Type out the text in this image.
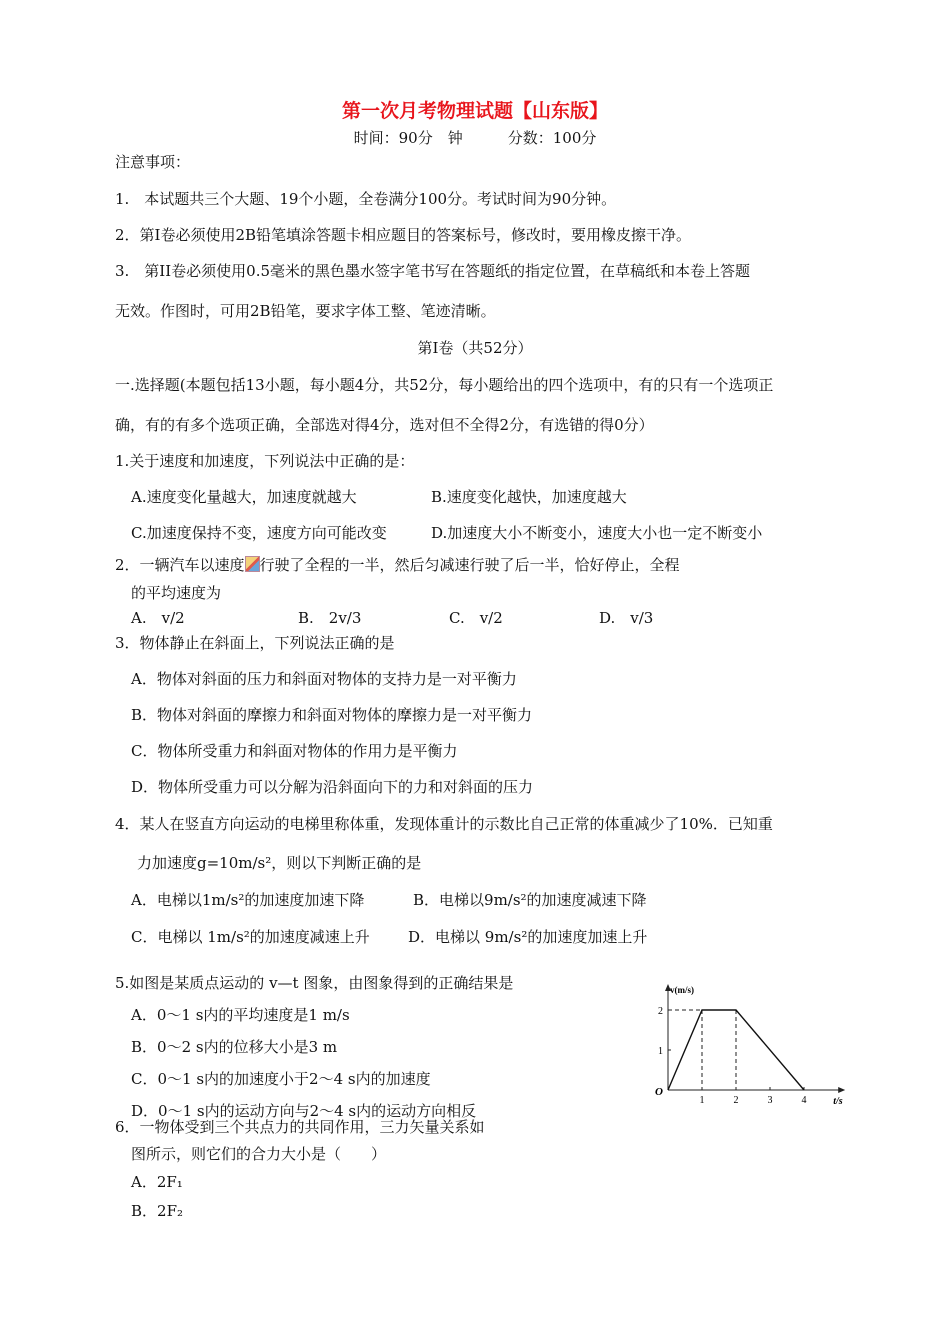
第一次月考物理试题【山东版】
时间：90分　钟　　　分数：100分
注意事项：
1.　本试题共三个大题、19个小题，全卷满分100分。考试时间为90分钟。
2．第Ⅰ卷必须使用2B铅笔填涂答题卡相应题目的答案标号，修改时，要用橡皮擦干净。
3.　第II卷必须使用0.5毫米的黑色墨水签字笔书写在答题纸的指定位置，在草稿纸和本卷上答题
无效。作图时，可用2B铅笔，要求字体工整、笔迹清晰。
第Ⅰ卷（共52分）
一.选择题(本题包括13小题，每小题4分，共52分，每小题给出的四个选项中，有的只有一个选项正
确，有的有多个选项正确，全部选对得4分，选对但不全得2分，有选错的得0分）
1.关于速度和加速度，下列说法中正确的是：
A.速度变化量越大，加速度就越大	B.速度变化越快，加速度越大
C.加速度保持不变，速度方向可能改变	D.加速度大小不断变小，速度大小也一定不断变小
2．一辆汽车以速度 行驶了全程的一半，然后匀减速行驶了后一半，恰好停止，全程
的平均速度为
A.　v/2	B.　2v/3	C.　v/2	D.　v/3
3．物体静止在斜面上，下列说法正确的是
A．物体对斜面的压力和斜面对物体的支持力是一对平衡力
B．物体对斜面的摩擦力和斜面对物体的摩擦力是一对平衡力
C．物体所受重力和斜面对物体的作用力是平衡力
D．物体所受重力可以分解为沿斜面向下的力和对斜面的压力
4．某人在竖直方向运动的电梯里称体重，发现体重计的示数比自己正常的体重减少了10%．已知重
力加速度g=10m/s²，则以下判断正确的是
A．电梯以1m/s²的加速度加速下降	B．电梯以9m/s²的加速度减速下降
C．电梯以 1m/s²的加速度减速上升	D．电梯以 9m/s²的加速度加速上升
5.如图是某质点运动的 v—t 图象，由图象得到的正确结果是
A．0～1 s内的平均速度是1 m/s
B．0～2 s内的位移大小是3 m
C．0～1 s内的加速度小于2～4 s内的加速度
D．0～1 s内的运动方向与2～4 s内的运动方向相反
6．一物体受到三个共点力的共同作用，三力矢量关系如
图所示，则它们的合力大小是（　　）
A．2F₁
B．2F₂
1	2	3	4
1
2
O
v(m/s)
t/s
